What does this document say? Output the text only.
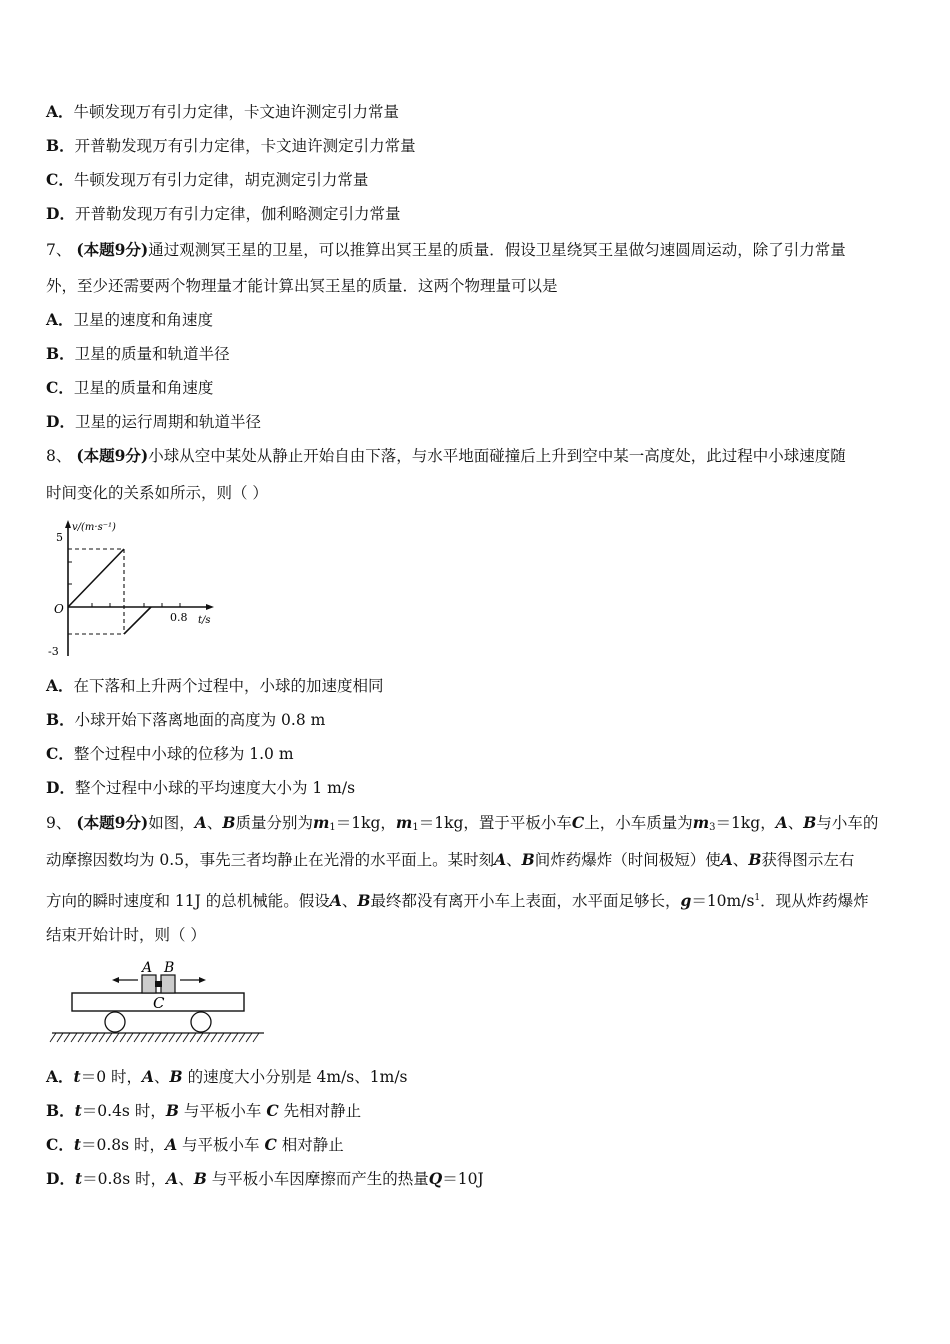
A．牛顿发现万有引力定律，卡文迪许测定引力常量
B．开普勒发现万有引力定律，卡文迪许测定引力常量
C．牛顿发现万有引力定律，胡克测定引力常量
D．开普勒发现万有引力定律，伽利略测定引力常量
7、 (本题9分)通过观测冥王星的卫星，可以推算出冥王星的质量．假设卫星绕冥王星做匀速圆周运动，除了引力常量
外，至少还需要两个物理量才能计算出冥王星的质量．这两个物理量可以是
A．卫星的速度和角速度
B．卫星的质量和轨道半径
C．卫星的质量和角速度
D．卫星的运行周期和轨道半径
8、 (本题9分)小球从空中某处从静止开始自由下落，与水平地面碰撞后上升到空中某一高度处，此过程中小球速度随
时间变化的关系如所示，则（ ）
v/(m·s⁻¹)
5
O
0.8 t/s
-3
A．在下落和上升两个过程中，小球的加速度相同
B．小球开始下落离地面的高度为 0.8 m
C．整个过程中小球的位移为 1.0 m
D．整个过程中小球的平均速度大小为 1 m/s
9、 (本题9分)如图，A、B质量分别为$m_1=1kg$，$m_1=1kg$，置于平板小车C上，小车质量为$m_3=1kg$，A、B与小车的
动摩擦因数均为 0.5，事先三者均静止在光滑的水平面上。某时刻A、B间炸药爆炸（时间极短）使A、B获得图示左右
方向的瞬时速度和 11J 的总机械能。假设A、B最终都没有离开小车上表面，水平面足够长，$g=10m/s^1$．现从炸药爆炸
结束开始计时，则（ ）
C
A B
A．t＝0 时，A、B 的速度大小分别是 4m/s、1m/s
B．t＝0.4s 时，B 与平板小车 C 先相对静止
C．t＝0.8s 时，A 与平板小车 C 相对静止
D．t＝0.8s 时，A、B 与平板小车因摩擦而产生的热量Q＝10J
